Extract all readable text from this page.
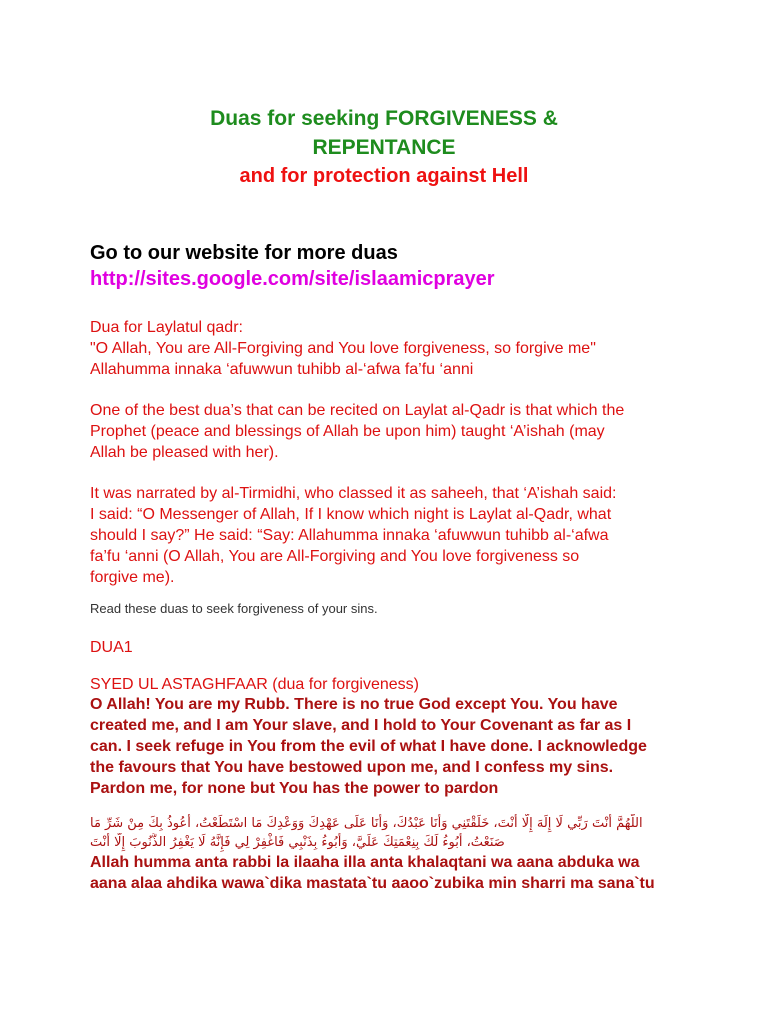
Duas for seeking FORGIVENESS &
REPENTANCE
and for protection against Hell
Go to our website for more duas
http://sites.google.com/site/islaamicprayer
Dua for Laylatul qadr:
"O Allah, You are All-Forgiving and You love forgiveness, so forgive me"
Allahumma innaka ‘afuwwun tuhibb al-‘afwa fa’fu ‘anni
One of the best dua’s that can be recited on Laylat al-Qadr is that which the
Prophet (peace and blessings of Allah be upon him) taught ‘A’ishah (may
Allah be pleased with her).
It was narrated by al-Tirmidhi, who classed it as saheeh, that ‘A’ishah said:
I said: “O Messenger of Allah, If I know which night is Laylat al-Qadr, what
should I say?” He said: “Say: Allahumma innaka ‘afuwwun tuhibb al-‘afwa
fa’fu ‘anni (O Allah, You are All-Forgiving and You love forgiveness so
forgive me).
Read these duas to seek forgiveness of your sins.
DUA1
SYED UL ASTAGHFAAR (dua for forgiveness)
O Allah! You are my Rubb. There is no true God except You. You have
created me, and I am Your slave, and I hold to Your Covenant as far as I
can. I seek refuge in You from the evil of what I have done. I acknowledge
the favours that You have bestowed upon me, and I confess my sins.
Pardon me, for none but You has the power to pardon
اللَّهُمَّ أَنْتَ رَبِّي لَا إِلَهَ إِلَّا أَنْتَ، خَلَقْتَنِي وَأَنَا عَبْدُكَ، وَأَنَا عَلَى عَهْدِكَ وَوَعْدِكَ مَا اسْتَطَعْتُ، أَعُوذُ بِكَ مِنْ شَرِّ مَا
صَنَعْتُ، أَبُوءُ لَكَ بِنِعْمَتِكَ عَلَيَّ، وَأَبُوءُ بِذَنْبِي فَاغْفِرْ لِي فَإِنَّهُ لَا يَغْفِرُ الذُّنُوبَ إِلَّا أَنْتَ
Allah humma anta rabbi la ilaaha illa anta khalaqtani wa aana abduka wa
aana alaa ahdika wawa`dika mastata`tu aaoo`zubika min sharri ma sana`tu
